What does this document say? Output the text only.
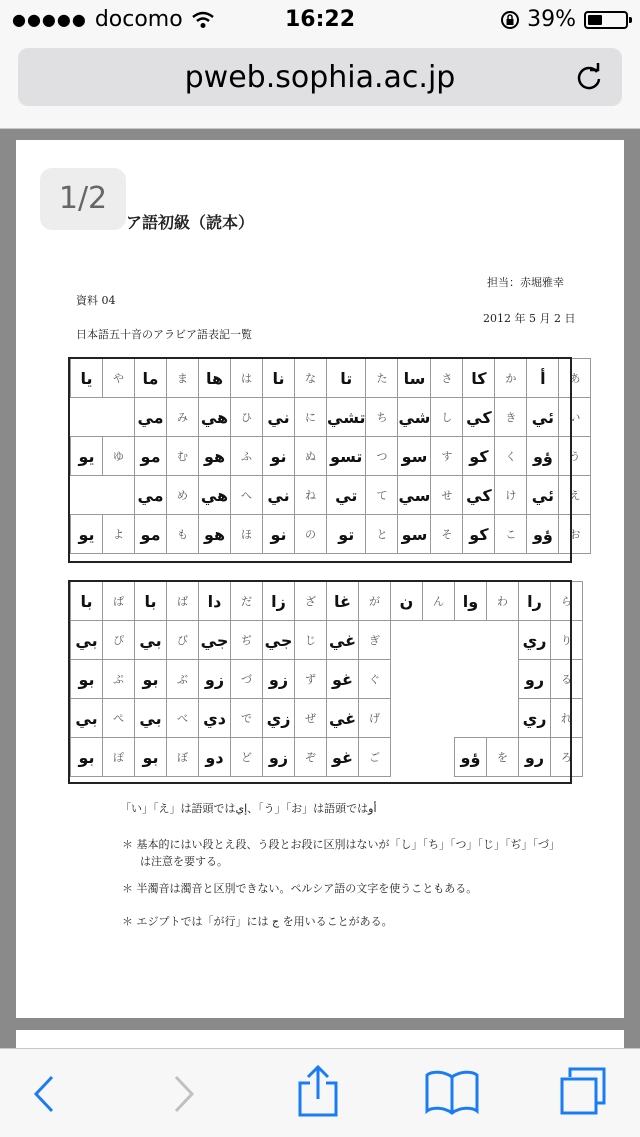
●●●●● docomo	16:22	39%
pweb.sophia.ac.jp
ア語初級（読本）
担当：赤堀雅幸
資料 04
2012 年 5 月 2 日
日本語五十音のアラビア語表記一覧
يا	や	ما	ま	ها	は	نا	な	تا	た	سا	さ	كا	か	أ	あ
		مي	み	هي	ひ	ني	に	تشي	ち	شي	し	كي	き	ئي	い
يو	ゆ	مو	む	هو	ふ	نو	ぬ	تسو	つ	سو	す	كو	く	ؤو	う
		مي	め	هي	へ	ني	ね	تي	て	سي	せ	كي	け	ئي	え
يو	よ	مو	も	هو	ほ	نو	の	تو	と	سو	そ	كو	こ	ؤو	お
با	ぱ	با	ば	دا	だ	زا	ざ	غا	が	ن	ん	وا	わ	را	ら
بي	ぴ	بي	び	جي	ぢ	جي	じ	غي	ぎ					ري	り
بو	ぷ	بو	ぶ	زو	づ	زو	ず	غو	ぐ					رو	る
بي	ぺ	بي	べ	دي	で	زي	ぜ	غي	げ					ري	れ
بو	ぽ	بو	ぼ	دو	ど	زو	ぞ	غو	ご			ؤو	を	رو	ろ
「い」「え」は語頭ではإي、「う」「お」は語頭ではأو
＊ 基本的にはい段とえ段、う段とお段に区別はないが「し」「ち」「つ」「じ」「ぢ」「づ」
は注意を要する。
＊ 半濁音は濁音と区別できない。ペルシア語の文字を使うこともある。
＊ エジプトでは「が行」には ج を用いることがある。
1/2
